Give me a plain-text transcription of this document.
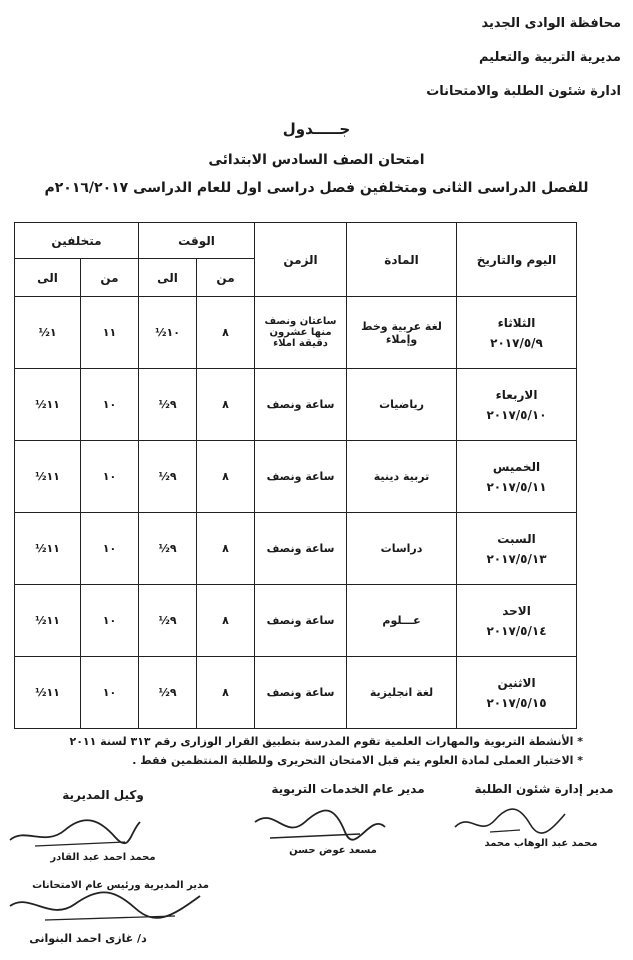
محافظة الوادى الجديد
مديرية التربية والتعليم
ادارة شئون الطلبة والامتحانات
جـــــدول
امتحان الصف السادس الابتدائى
للفصل الدراسى الثانى ومتخلفين فصل دراسى اول للعام الدراسى ٢٠١٦/٢٠١٧م
اليوم والتاريخ	المادة	الزمن	الوقت		متخلفين	
			من	الى	من	الى

الثلاثاء
٢٠١٧/٥/٩	لغة عربية وخط وإملاء	ساعتان ونصف منها عشرون دقيقة املاء	٨	١٠½	١١	١½

الاربعاء
٢٠١٧/٥/١٠	رياضيات	ساعة ونصف	٨	٩½	١٠	١١½

الخميس
٢٠١٧/٥/١١	تربية دينية	ساعة ونصف	٨	٩½	١٠	١١½

السبت
٢٠١٧/٥/١٣	دراسات	ساعة ونصف	٨	٩½	١٠	١١½

الاحد
٢٠١٧/٥/١٤	عـــلوم	ساعة ونصف	٨	٩½	١٠	١١½

الاثنين
٢٠١٧/٥/١٥	لغة انجليزية	ساعة ونصف	٨	٩½	١٠	١١½
* الأنشطة التربوية والمهارات العلمية تقوم المدرسة بتطبيق القرار الوزارى رقم ٣١٣ لسنة ٢٠١١
* الاختبار العملى لمادة العلوم يتم قبل الامتحان التحريرى وللطلبة المنتظمين فقط .
مدير إدارة شئون الطلبة
محمد عبد الوهاب محمد
مدير عام الخدمات التربوية
مسعد عوض حسن
وكيل المديرية
محمد احمد عبد القادر
مدير المديرية ورئيس عام الامتحانات
د/ غازى احمد البنوانى
